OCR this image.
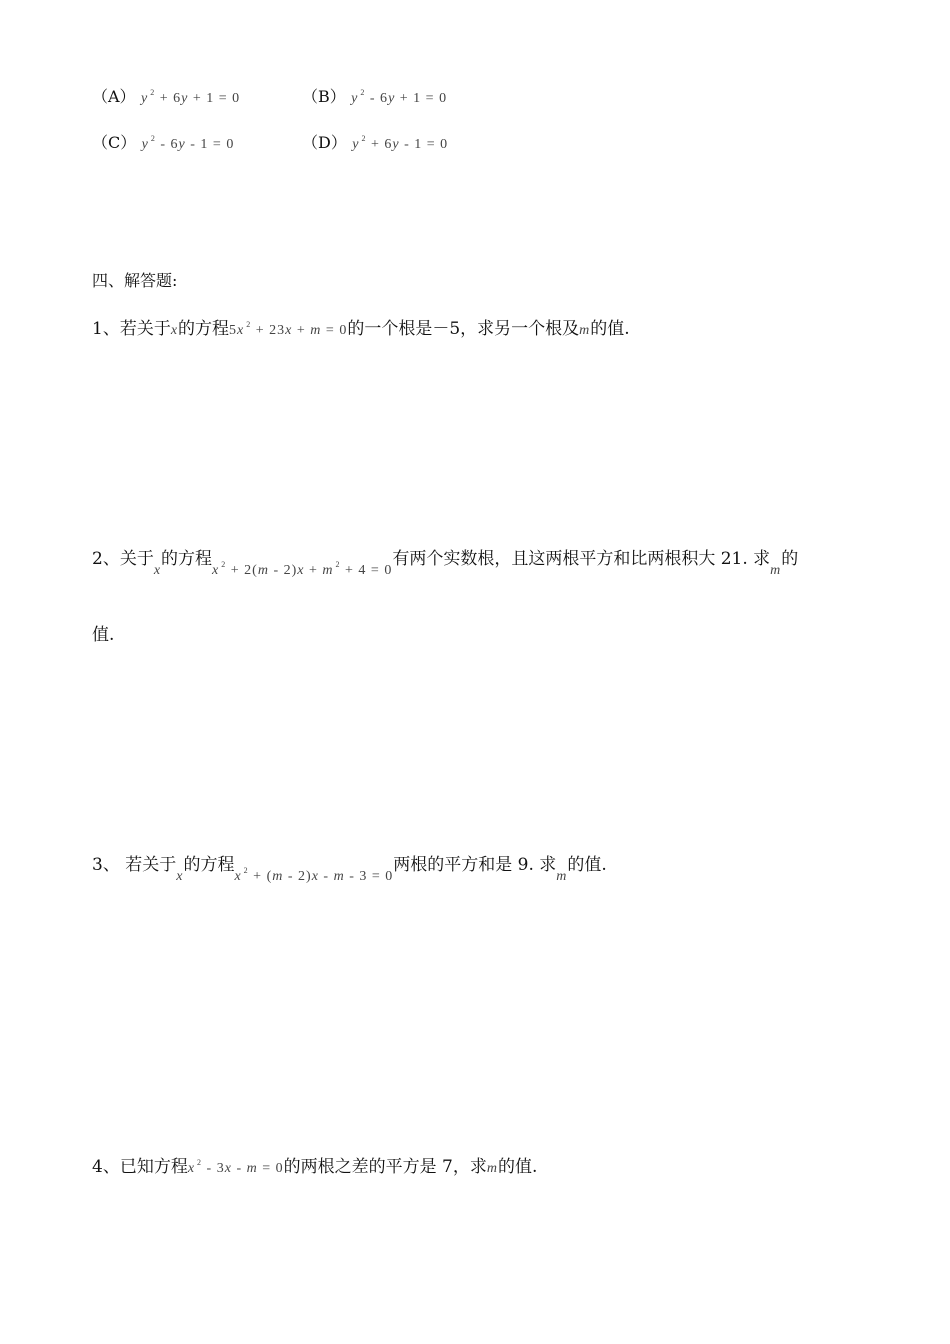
（A） y $^2$ + 6y + 1 = 0	（B） y $^2$ - 6y + 1 = 0
（C） y $^2$ - 6y - 1 = 0	（D） y $^2$ + 6y - 1 = 0
四、解答题:
1、若关于x的方程5x $^2$ + 23x + m = 0的一个根是－5，求另一个根及m的值.
2、关于$_x$的方程$_{x ^2 + 2(m - 2)x + m ^2 + 4 = 0}$有两个实数根，且这两根平方和比两根积大 21. 求$_m$的
值.
3、 若关于$_x$的方程$_{x ^2 + (m - 2)x - m - 3 = 0}$两根的平方和是 9. 求$_m$的值.
4、已知方程x $^2$ - 3x - m = 0的两根之差的平方是 7，求m的值.
